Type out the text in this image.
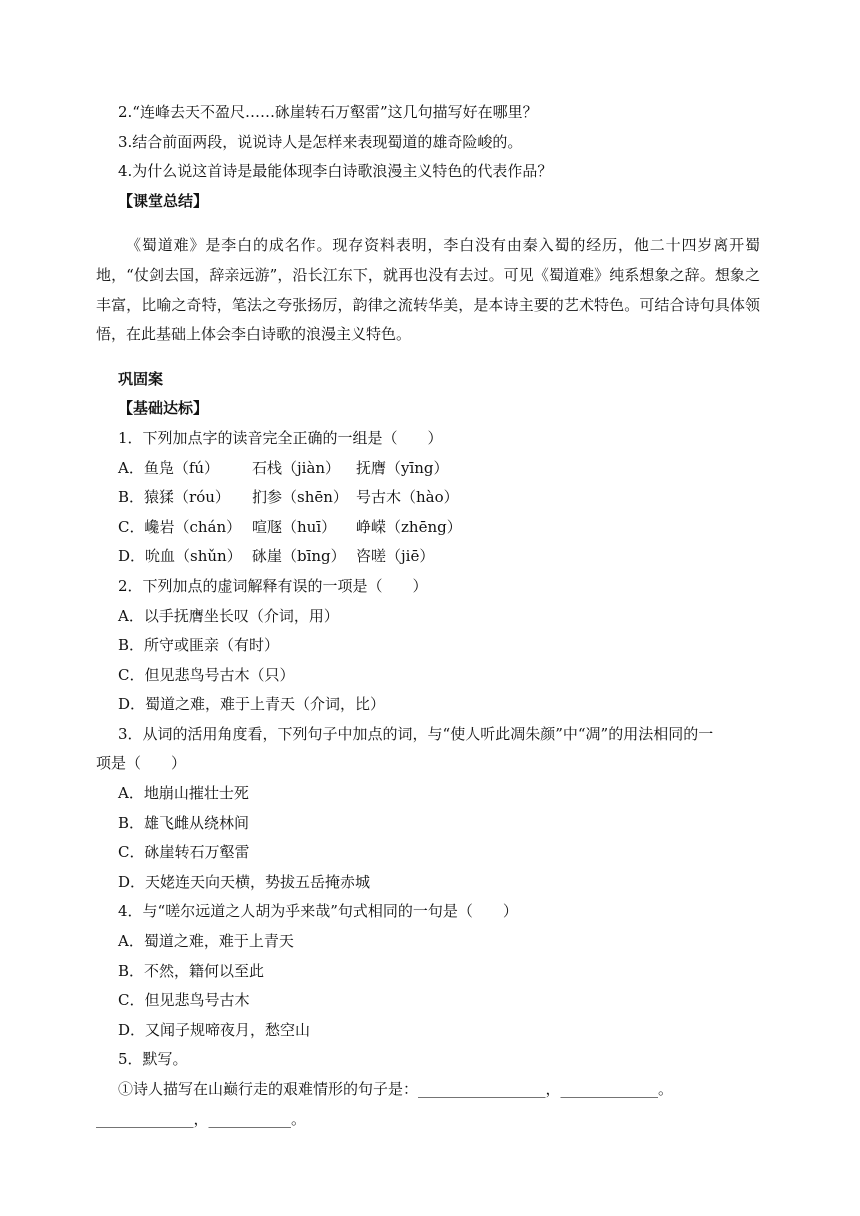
2.“连峰去天不盈尺……砯崖转石万壑雷”这几句描写好在哪里？

3.结合前面两段，说说诗人是怎样来表现蜀道的雄奇险峻的。

4.为什么说这首诗是最能体现李白诗歌浪漫主义特色的代表作品？

【课堂总结】

《蜀道难》是李白的成名作。现存资料表明，李白没有由秦入蜀的经历，他二十四岁离开蜀地，“仗剑去国，辞亲远游”，沿长江东下，就再也没有去过。可见《蜀道难》纯系想象之辞。想象之丰富，比喻之奇特，笔法之夸张扬厉，韵律之流转华美，是本诗主要的艺术特色。可结合诗句具体领悟，在此基础上体会李白诗歌的浪漫主义特色。

巩固案

【基础达标】

1．下列加点字的读音完全正确的一组是（　　）

A．鱼凫（fú）	石栈（jiàn）	抚膺（yīng）
B．猿猱（róu）	扪参（shēn） 号古木（hào）
C．巉岩（chán） 喧豗（huī）	峥嵘（zhēng）
D．吮血（shǔn） 砯崖（bīng） 咨嗟（jiē）

2．下列加点的虚词解释有误的一项是（　　）

A．以手抚膺坐长叹（介词，用）

B．所守或匪亲（有时）

C．但见悲鸟号古木（只）

D．蜀道之难，难于上青天（介词，比）

3．从词的活用角度看，下列句子中加点的词，与“使人听此凋朱颜”中“凋”的用法相同的一

项是（　　）

A．地崩山摧壮士死

B．雄飞雌从绕林间

C．砯崖转石万壑雷

D．天姥连天向天横，势拔五岳掩赤城

4．与“嗟尔远道之人胡为乎来哉”句式相同的一句是（　　）

A．蜀道之难，难于上青天

B．不然，籍何以至此

C．但见悲鸟号古木

D．又闻子规啼夜月，愁空山

5．默写。

①诗人描写在山巅行走的艰难情形的句子是：_________________，_____________。

_____________，___________。
